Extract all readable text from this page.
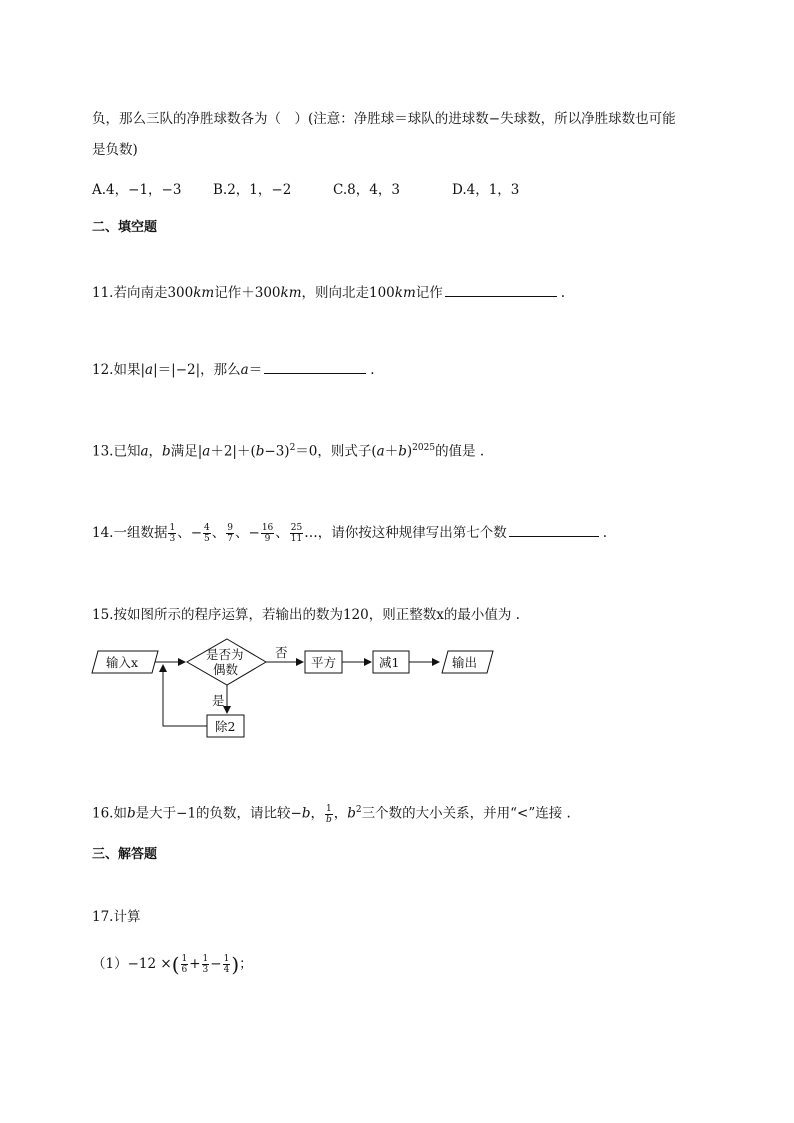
负，那么三队的净胜球数各为（　）(注意：净胜球＝球队的进球数−失球数，所以净胜球数也可能
是负数)
A.4，−1，−3 B.2，1，−2	C.8，4，3	D.4，1，3
二、填空题
11.若向南走300km记作＋300km，则向北走100km记作	.
12.如果|a|＝|−2|，那么a＝	.
13.已知a，b满足$|a+2|+(b-3)^2=0$，则式子$(a+b)^{2025}$的值是 .
14.一组数据 $\frac{1}{3}$ 、− $\frac{4}{5}$ 、 $\frac{9}{7}$ 、− $\frac{16}{9}$ 、 $\frac{25}{11}$ …，请你按这种规律写出第七个数	.
15.按如图所示的程序运算，若输出的数为120，则正整数x的最小值为 .
输入x
是否为
偶数
否
平方	减1	输出
是
除2
16.如b是大于−1的负数，请比较−b， $\frac{1}{b}$ ，$b^2$三个数的大小关系，并用“<”连接 .
三、解答题
17.计算
（1）−12 ×( $\frac{1}{6} + \frac{1}{3} - \frac{1}{4}$ )；
